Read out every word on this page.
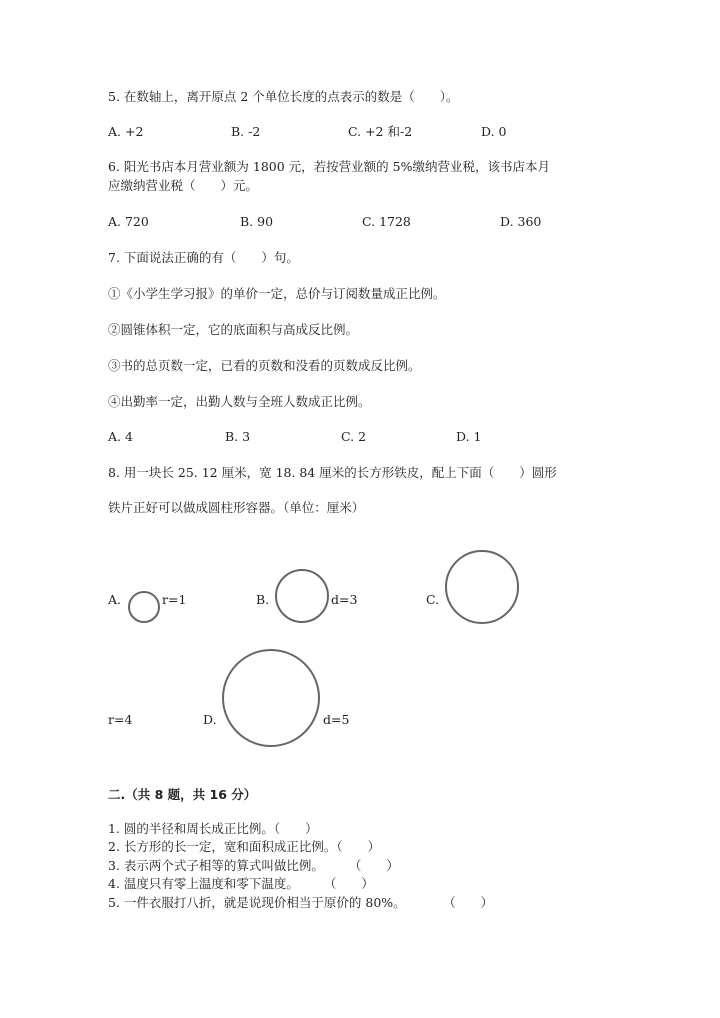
5. 在数轴上，离开原点 2 个单位长度的点表示的数是（　　）。
A. +2	B. -2	C. +2 和-2	D. 0
6. 阳光书店本月营业额为 1800 元，若按营业额的 5%缴纳营业税，该书店本月
应缴纳营业税（　　）元。
A. 720	B. 90	C. 1728	D. 360
7. 下面说法正确的有（　　）句。
①《小学生学习报》的单价一定，总价与订阅数量成正比例。
②圆锥体积一定，它的底面积与高成反比例。
③书的总页数一定，已看的页数和没看的页数成反比例。
④出勤率一定，出勤人数与全班人数成正比例。
A. 4	B. 3	C. 2	D. 1
8. 用一块长 25. 12 厘米，宽 18. 84 厘米的长方形铁皮，配上下面（　　）圆形
铁片正好可以做成圆柱形容器。（单位：厘米）
A.	r=1	B.	d=3	C.
r=4	D.	d=5
二.（共 8 题，共 16 分）
1. 圆的半径和周长成正比例。（　　）
2. 长方形的长一定，宽和面积成正比例。（　　）
3. 表示两个式子相等的算式叫做比例。　　　（　　）
4. 温度只有零上温度和零下温度。　　　（　　）
5. 一件衣服打八折，就是说现价相当于原价的 80%。　　　　（　　）
